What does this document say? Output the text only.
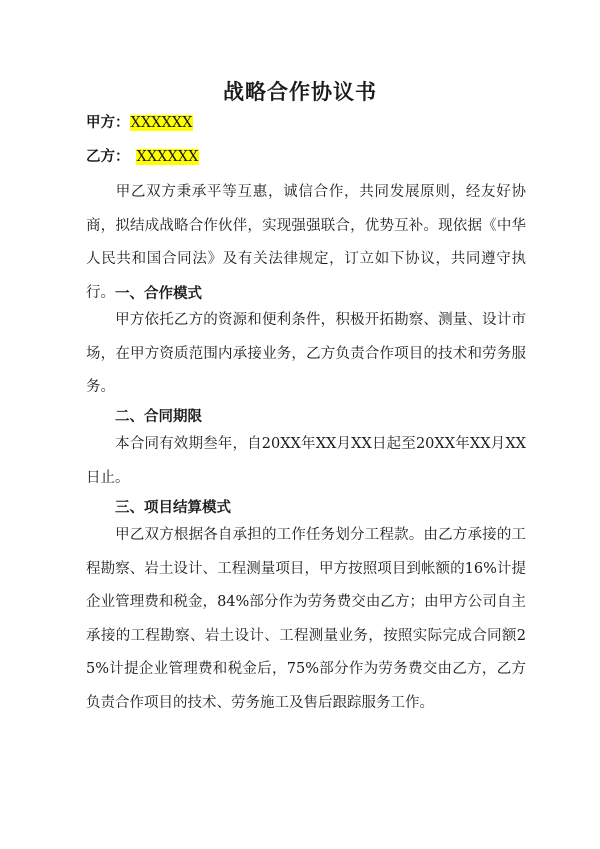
战略合作协议书
甲方：XXXXXX
乙方： XXXXXX
甲乙双方秉承平等互惠，诚信合作，共同发展原则，经友好协商，拟结成战略合作伙伴，实现强强联合，优势互补。现依据《中华人民共和国合同法》及有关法律规定，订立如下协议，共同遵守执行。 一、合作模式
甲方依托乙方的资源和便利条件，积极开拓勘察、测量、设计市场，在甲方资质范围内承接业务，乙方负责合作项目的技术和劳务服务。
二、合同期限
本合同有效期叁年，自20XX年XX月XX日起至20XX年XX月XX日止。
三、项目结算模式
甲乙双方根据各自承担的工作任务划分工程款。由乙方承接的工程勘察、岩土设计、工程测量项目，甲方按照项目到帐额的16%计提企业管理费和税金，84%部分作为劳务费交由乙方；由甲方公司自主承接的工程勘察、岩土设计、工程测量业务，按照实际完成合同额25%计提企业管理费和税金后，75%部分作为劳务费交由乙方，乙方负责合作项目的技术、劳务施工及售后跟踪服务工作。
